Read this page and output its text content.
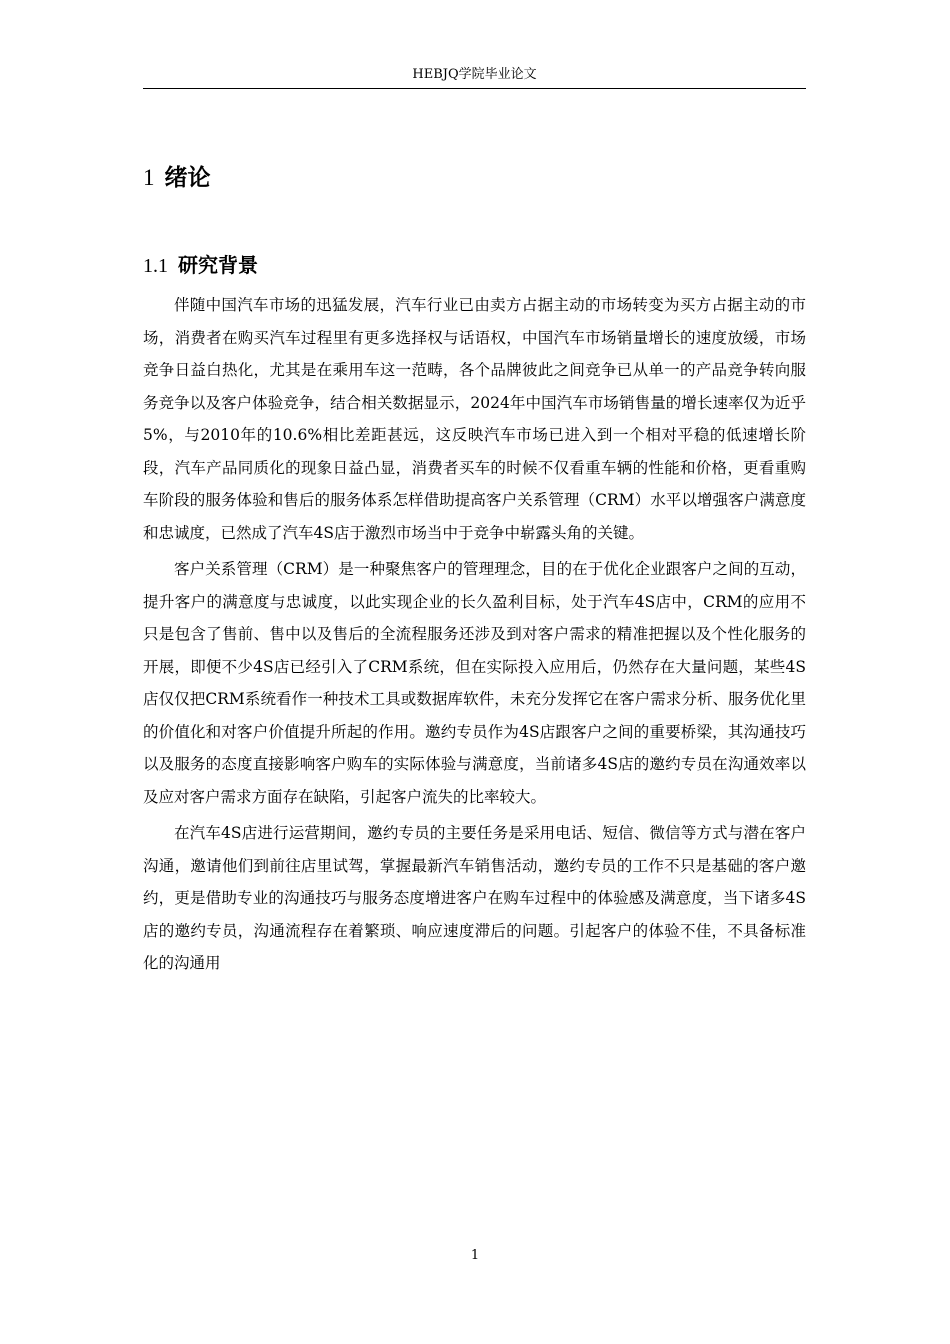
HEBJQ学院毕业论文
1 绪论
1.1 研究背景

伴随中国汽车市场的迅猛发展，汽车行业已由卖方占据主动的市场转变为买方占据主动的市场，消费者在购买汽车过程里有更多选择权与话语权，中国汽车市场销量增长的速度放缓，市场竞争日益白热化，尤其是在乘用车这一范畴，各个品牌彼此之间竞争已从单一的产品竞争转向服务竞争以及客户体验竞争，结合相关数据显示，2024年中国汽车市场销售量的增长速率仅为近乎5%，与2010年的10.6%相比差距甚远，这反映汽车市场已进入到一个相对平稳的低速增长阶段，汽车产品同质化的现象日益凸显，消费者买车的时候不仅看重车辆的性能和价格，更看重购车阶段的服务体验和售后的服务体系怎样借助提高客户关系管理（CRM）水平以增强客户满意度和忠诚度，已然成了汽车4S店于激烈市场当中于竞争中崭露头角的关键。

客户关系管理（CRM）是一种聚焦客户的管理理念，目的在于优化企业跟客户之间的互动，提升客户的满意度与忠诚度，以此实现企业的长久盈利目标，处于汽车4S店中，CRM的应用不只是包含了售前、售中以及售后的全流程服务还涉及到对客户需求的精准把握以及个性化服务的开展，即便不少4S店已经引入了CRM系统，但在实际投入应用后，仍然存在大量问题，某些4S店仅仅把CRM系统看作一种技术工具或数据库软件，未充分发挥它在客户需求分析、服务优化里的价值化和对客户价值提升所起的作用。邀约专员作为4S店跟客户之间的重要桥梁，其沟通技巧以及服务的态度直接影响客户购车的实际体验与满意度，当前诸多4S店的邀约专员在沟通效率以及应对客户需求方面存在缺陷，引起客户流失的比率较大。

在汽车4S店进行运营期间，邀约专员的主要任务是采用电话、短信、微信等方式与潜在客户沟通，邀请他们到前往店里试驾，掌握最新汽车销售活动，邀约专员的工作不只是基础的客户邀约，更是借助专业的沟通技巧与服务态度增进客户在购车过程中的体验感及满意度，当下诸多4S店的邀约专员，沟通流程存在着繁琐、响应速度滞后的问题。引起客户的体验不佳，不具备标准化的沟通用

1
